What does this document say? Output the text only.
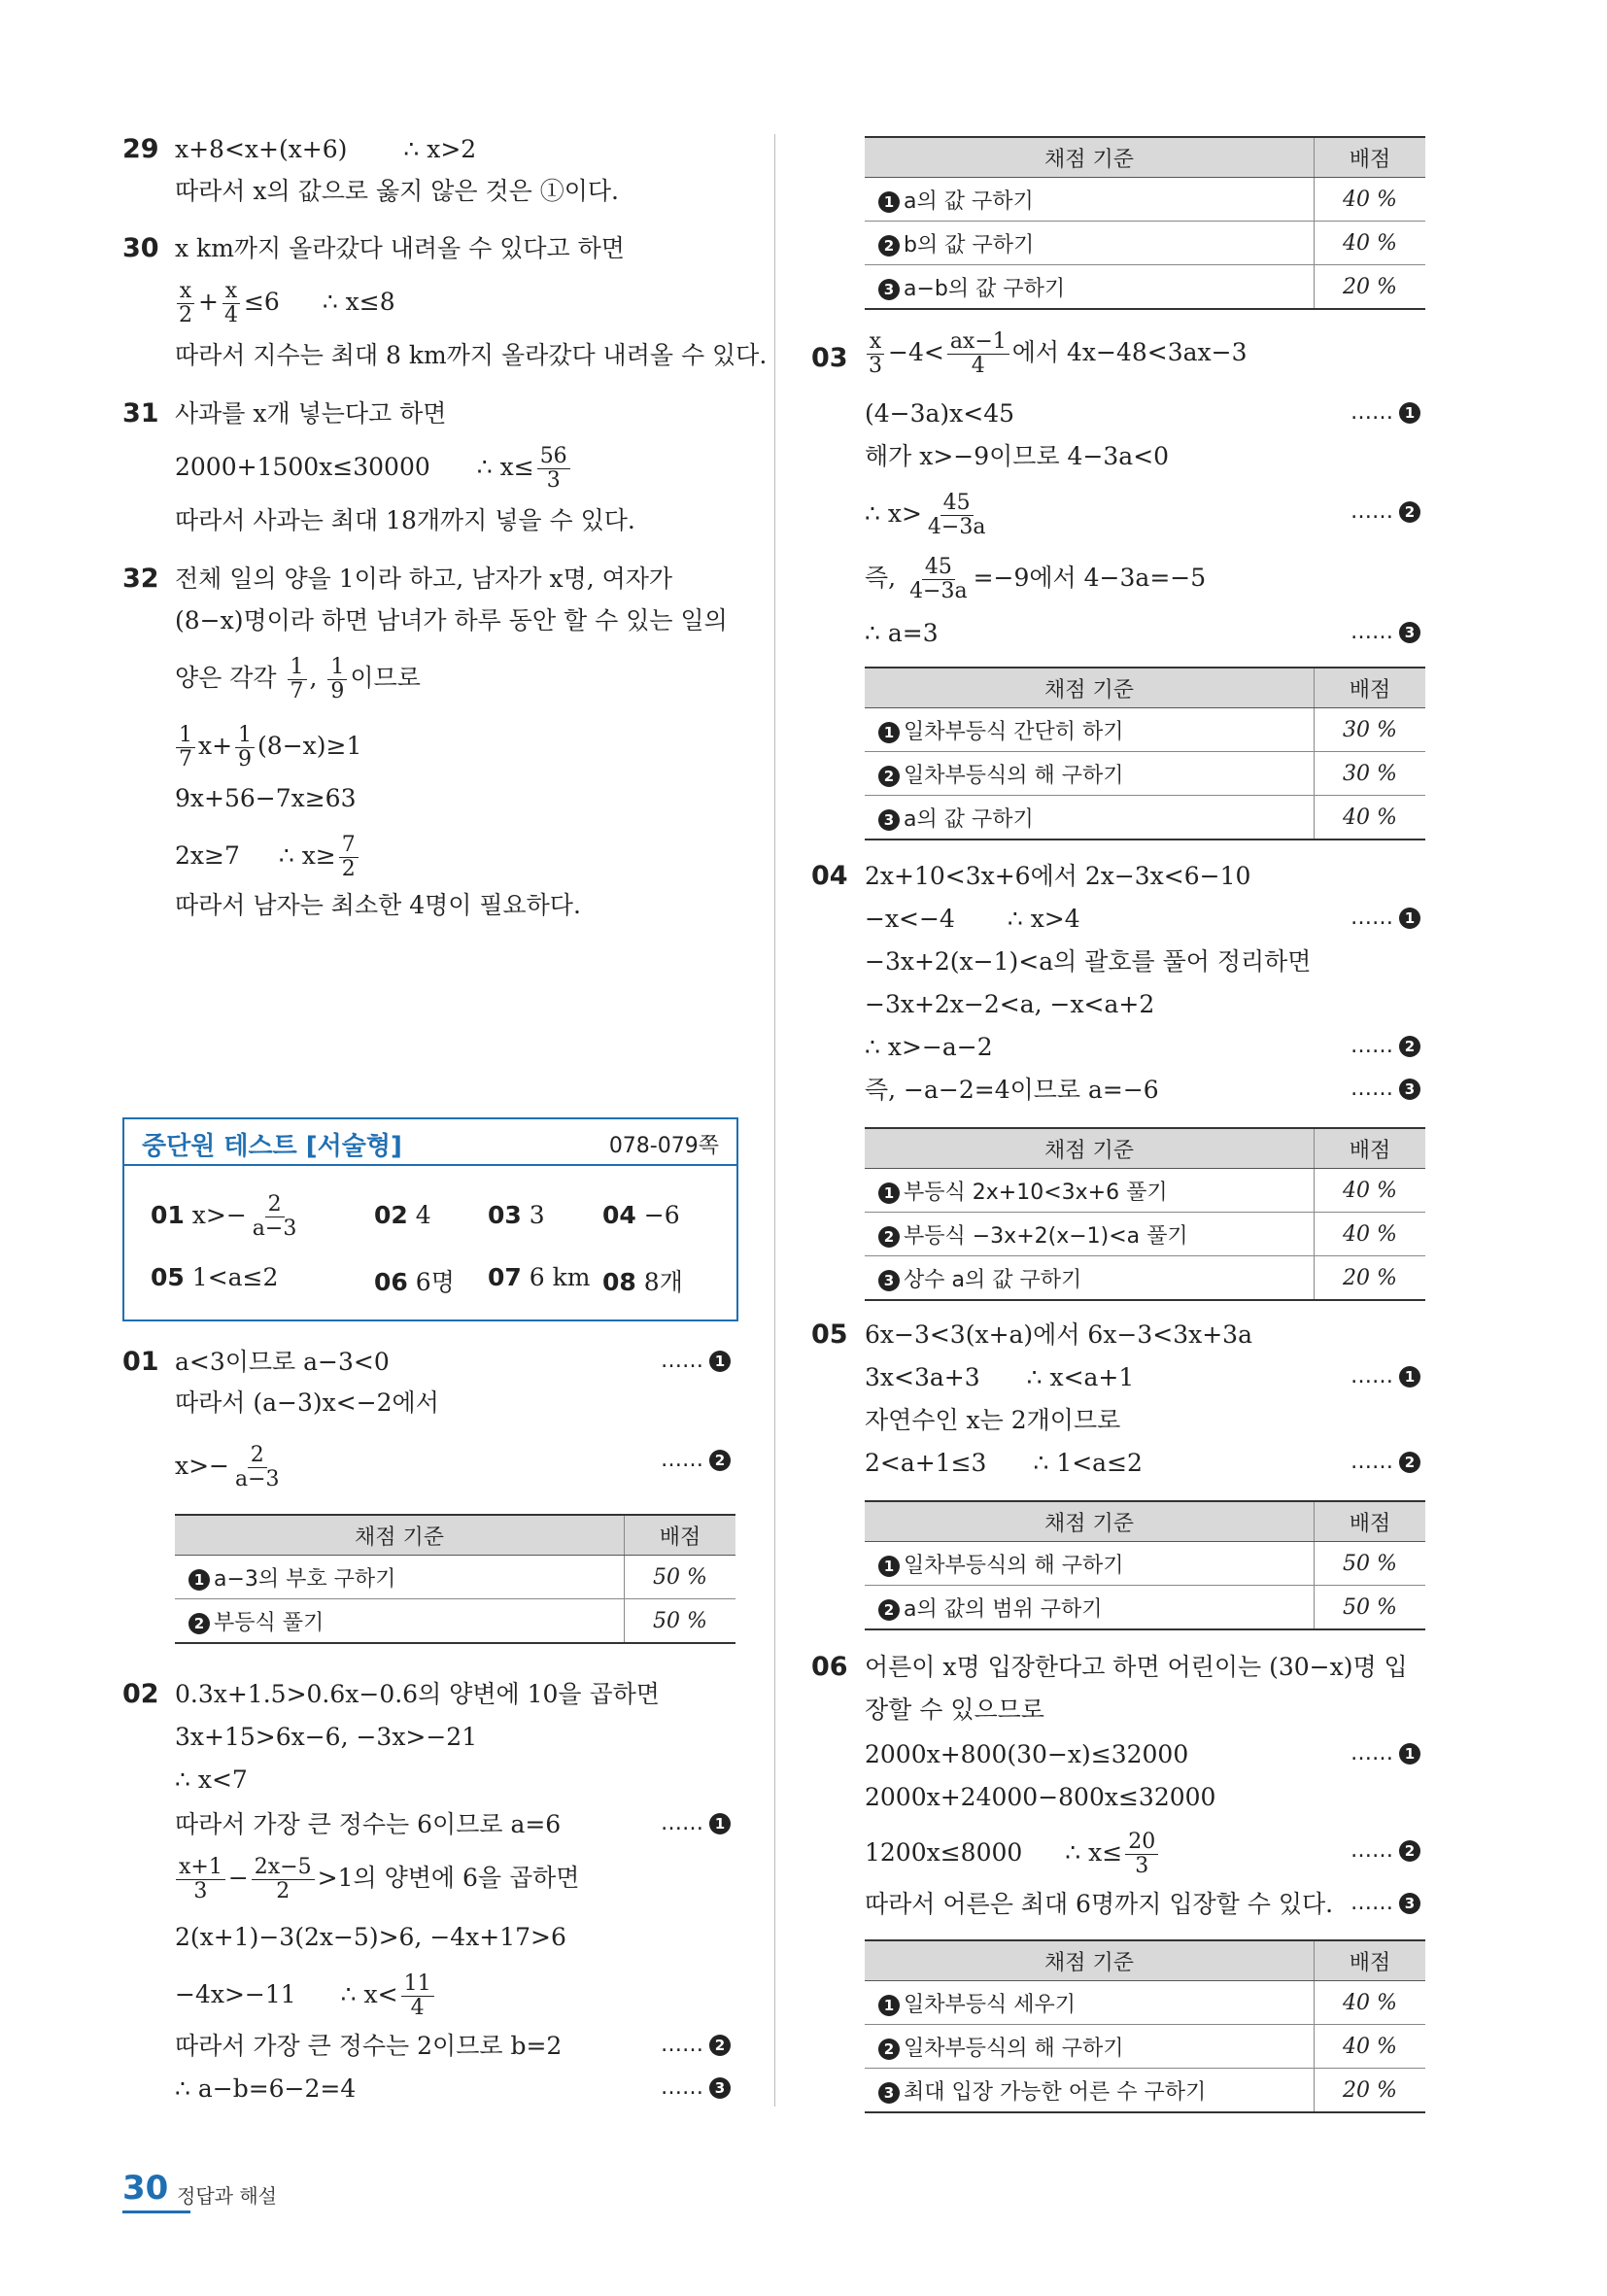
29 x+8<x+(x+6) ∴ x>2
따라서 x의 값으로 옳지 않은 것은 ①이다.
30 x km까지 올라갔다 내려올 수 있다고 하면
$\frac{x}{2} + \frac{x}{4} \le 6$ ∴ x≤8
따라서 지수는 최대 8 km까지 올라갔다 내려올 수 있다.
31 사과를 x개 넣는다고 하면
2000+1500x≤30000 ∴ $x\le \frac{56}{3}$
따라서 사과는 최대 18개까지 넣을 수 있다.
32 전체 일의 양을 1이라 하고, 남자가 x명, 여자가
(8−x)명이라 하면 남녀가 하루 동안 할 수 있는 일의
양은 각각 $\frac{1}{7}$ , $\frac{1}{9}$ 이므로
$\frac{1}{7} x+ \frac{1}{9} (8-x)\ge 1$
9x+56−7x≥63
2x≥7 ∴ $x\ge \frac{7}{2}$
따라서 남자는 최소한 4명이 필요하다.
중단원 테스트 [서술형]	078-079쪽
01 $x>- \frac{2}{a-3}$	02 4 03 3 04 −6
05 1<a≤2	06 6명 07 6 km 08 8개
01 a<3이므로 a−3<0	…… 1
따라서 (a−3)x<−2에서
$x>- \frac{2}{a-3}$	…… 2
채점 기준	배점
1 a−3의 부호 구하기	50 %
2 부등식 풀기	50 %
02 0.3x+1.5>0.6x−0.6의 양변에 10을 곱하면
3x+15>6x−6, −3x>−21
∴ x<7
따라서 가장 큰 정수는 6이므로 a=6	…… 1
$\frac{x+1}{3} - \frac{2x-5}{2} >1$의 양변에 6을 곱하면
2(x+1)−3(2x−5)>6, −4x+17>6
−4x>−11 ∴ $x< \frac{11}{4}$
따라서 가장 큰 정수는 2이므로 b=2	…… 2
∴ a−b=6−2=4	…… 3
채점 기준	배점
1 a의 값 구하기	40 %
2 b의 값 구하기	40 %
3 a−b의 값 구하기	20 %
$03 \frac{x}{3} -4< \frac{ax-1}{4}$ 에서 4x−48<3ax−3
(4−3a)x<45	…… 1
해가 x>−9이므로 4−3a<0
∴ $x> \frac{45}{4-3a}$	…… 2
즉, $\frac{45}{4-3a} =-9$에서 4−3a=−5
∴ a=3	…… 3
채점 기준	배점
1 일차부등식 간단히 하기	30 %
2 일차부등식의 해 구하기	30 %
3 a의 값 구하기	40 %
04 2x+10<3x+6에서 2x−3x<6−10
−x<−4 ∴ x>4	…… 1
−3x+2(x−1)<a의 괄호를 풀어 정리하면
−3x+2x−2<a, −x<a+2
∴ x>−a−2	…… 2
즉, −a−2=4이므로 a=−6	…… 3
채점 기준	배점
1 부등식 2x+10<3x+6 풀기	40 %
2 부등식 −3x+2(x−1)<a 풀기	40 %
3 상수 a의 값 구하기	20 %
05 6x−3<3(x+a)에서 6x−3<3x+3a
3x<3a+3 ∴ x<a+1	…… 1
자연수인 x는 2개이므로
2<a+1≤3 ∴ 1<a≤2	…… 2
채점 기준	배점
1 일차부등식의 해 구하기	50 %
2 a의 값의 범위 구하기	50 %
06 어른이 x명 입장한다고 하면 어린이는 (30−x)명 입
장할 수 있으므로
2000x+800(30−x)≤32000	…… 1
2000x+24000−800x≤32000
1200x≤8000 ∴ $x\le \frac{20}{3}$	…… 2
따라서 어른은 최대 6명까지 입장할 수 있다. …… 3
채점 기준	배점
1 일차부등식 세우기	40 %
2 일차부등식의 해 구하기	40 %
3 최대 입장 가능한 어른 수 구하기	20 %
30 정답과 해설
